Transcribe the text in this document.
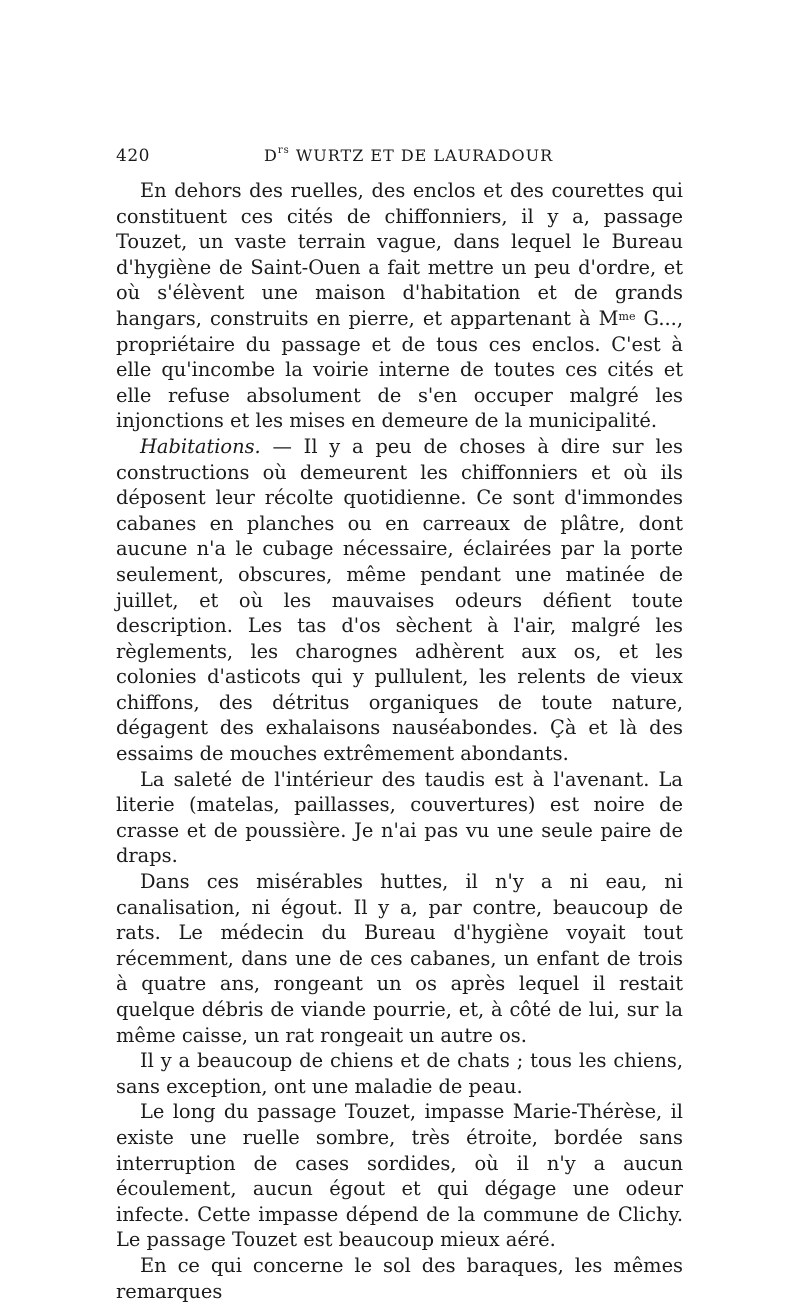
420	$D^{rs}$ WURTZ ET DE LAURADOUR

En dehors des ruelles, des enclos et des courettes qui constituent ces cités de chiffonniers, il y a, passage Touzet, un vaste terrain vague, dans lequel le Bureau d'hygiène de Saint-Ouen a fait mettre un peu d'ordre, et où s'élèvent une maison d'habitation et de grands hangars, construits en pierre, et appartenant à $M^{me}$ G..., propriétaire du passage et de tous ces enclos. C'est à elle qu'incombe la voirie interne de toutes ces cités et elle refuse absolument de s'en occuper malgré les injonctions et les mises en demeure de la municipalité.

Habitations. — Il y a peu de choses à dire sur les constructions où demeurent les chiffonniers et où ils déposent leur récolte quotidienne. Ce sont d'immondes cabanes en planches ou en carreaux de plâtre, dont aucune n'a le cubage nécessaire, éclairées par la porte seulement, obscures, même pendant une matinée de juillet, et où les mauvaises odeurs défient toute description. Les tas d'os sèchent à l'air, malgré les règlements, les charognes adhèrent aux os, et les colonies d'asticots qui y pullulent, les relents de vieux chiffons, des détritus organiques de toute nature, dégagent des exhalaisons nauséabondes. Çà et là des essaims de mouches extrêmement abondants.

La saleté de l'intérieur des taudis est à l'avenant. La literie (matelas, paillasses, couvertures) est noire de crasse et de poussière. Je n'ai pas vu une seule paire de draps.

Dans ces misérables huttes, il n'y a ni eau, ni canalisation, ni égout. Il y a, par contre, beaucoup de rats. Le médecin du Bureau d'hygiène voyait tout récemment, dans une de ces cabanes, un enfant de trois à quatre ans, rongeant un os après lequel il restait quelque débris de viande pourrie, et, à côté de lui, sur la même caisse, un rat rongeait un autre os.

Il y a beaucoup de chiens et de chats ; tous les chiens, sans exception, ont une maladie de peau.

Le long du passage Touzet, impasse Marie-Thérèse, il existe une ruelle sombre, très étroite, bordée sans interruption de cases sordides, où il n'y a aucun écoulement, aucun égout et qui dégage une odeur infecte. Cette impasse dépend de la commune de Clichy. Le passage Touzet est beaucoup mieux aéré.

En ce qui concerne le sol des baraques, les mêmes remarques
